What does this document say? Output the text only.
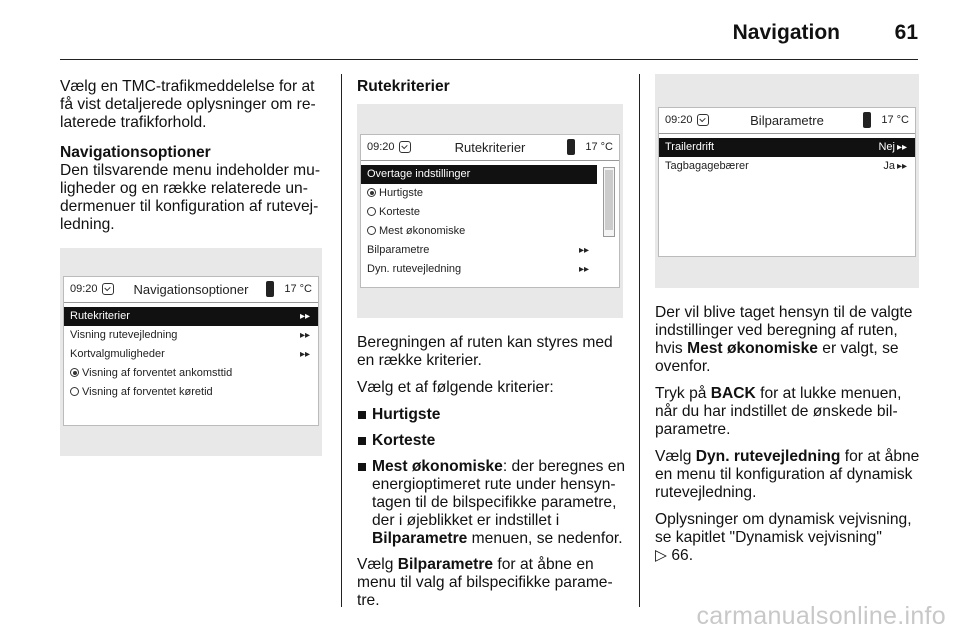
Navigation	61

Vælg en TMC-trafikmeddelelse for at
få vist detaljerede oplysninger om re-
laterede trafikforhold.

Navigationsoptioner
Den tilsvarende menu indeholder mu-
ligheder og en række relaterede un-
dermenuer til konfiguration af rutevej-
ledning.

09:20	Navigationsoptioner	17 °C
Rutekriterier	▸▸
Visning rutevejledning	▸▸
Kortvalgmuligheder	▸▸
Visning af forventet ankomsttid
Visning af forventet køretid

Rutekriterier

09:20	Rutekriterier	17 °C
Overtage indstillinger
Hurtigste
Korteste
Mest økonomiske
Bilparametre	▸▸
Dyn. rutevejledning	▸▸

Beregningen af ruten kan styres med
en række kriterier.

Vælg et af følgende kriterier:

Hurtigste
Korteste
Mest økonomiske: der beregnes en
energioptimeret rute under hensyn-
tagen til de bilspecifikke parametre,
der i øjeblikket er indstillet i
Bilparametre menuen, se nedenfor.

Vælg Bilparametre for at åbne en
menu til valg af bilspecifikke parame-
tre.

09:20	Bilparametre	17 °C
Trailerdrift	Nej ▸▸
Tagbagagebærer	Ja ▸▸

Der vil blive taget hensyn til de valgte
indstillinger ved beregning af ruten,
hvis Mest økonomiske er valgt, se
ovenfor.

Tryk på BACK for at lukke menuen,
når du har indstillet de ønskede bil-
parametre.

Vælg Dyn. rutevejledning for at åbne
en menu til konfiguration af dynamisk
rutevejledning.

Oplysninger om dynamisk vejvisning,
se kapitlet "Dynamisk vejvisning"
▷ 66.

carmanualsonline.info
